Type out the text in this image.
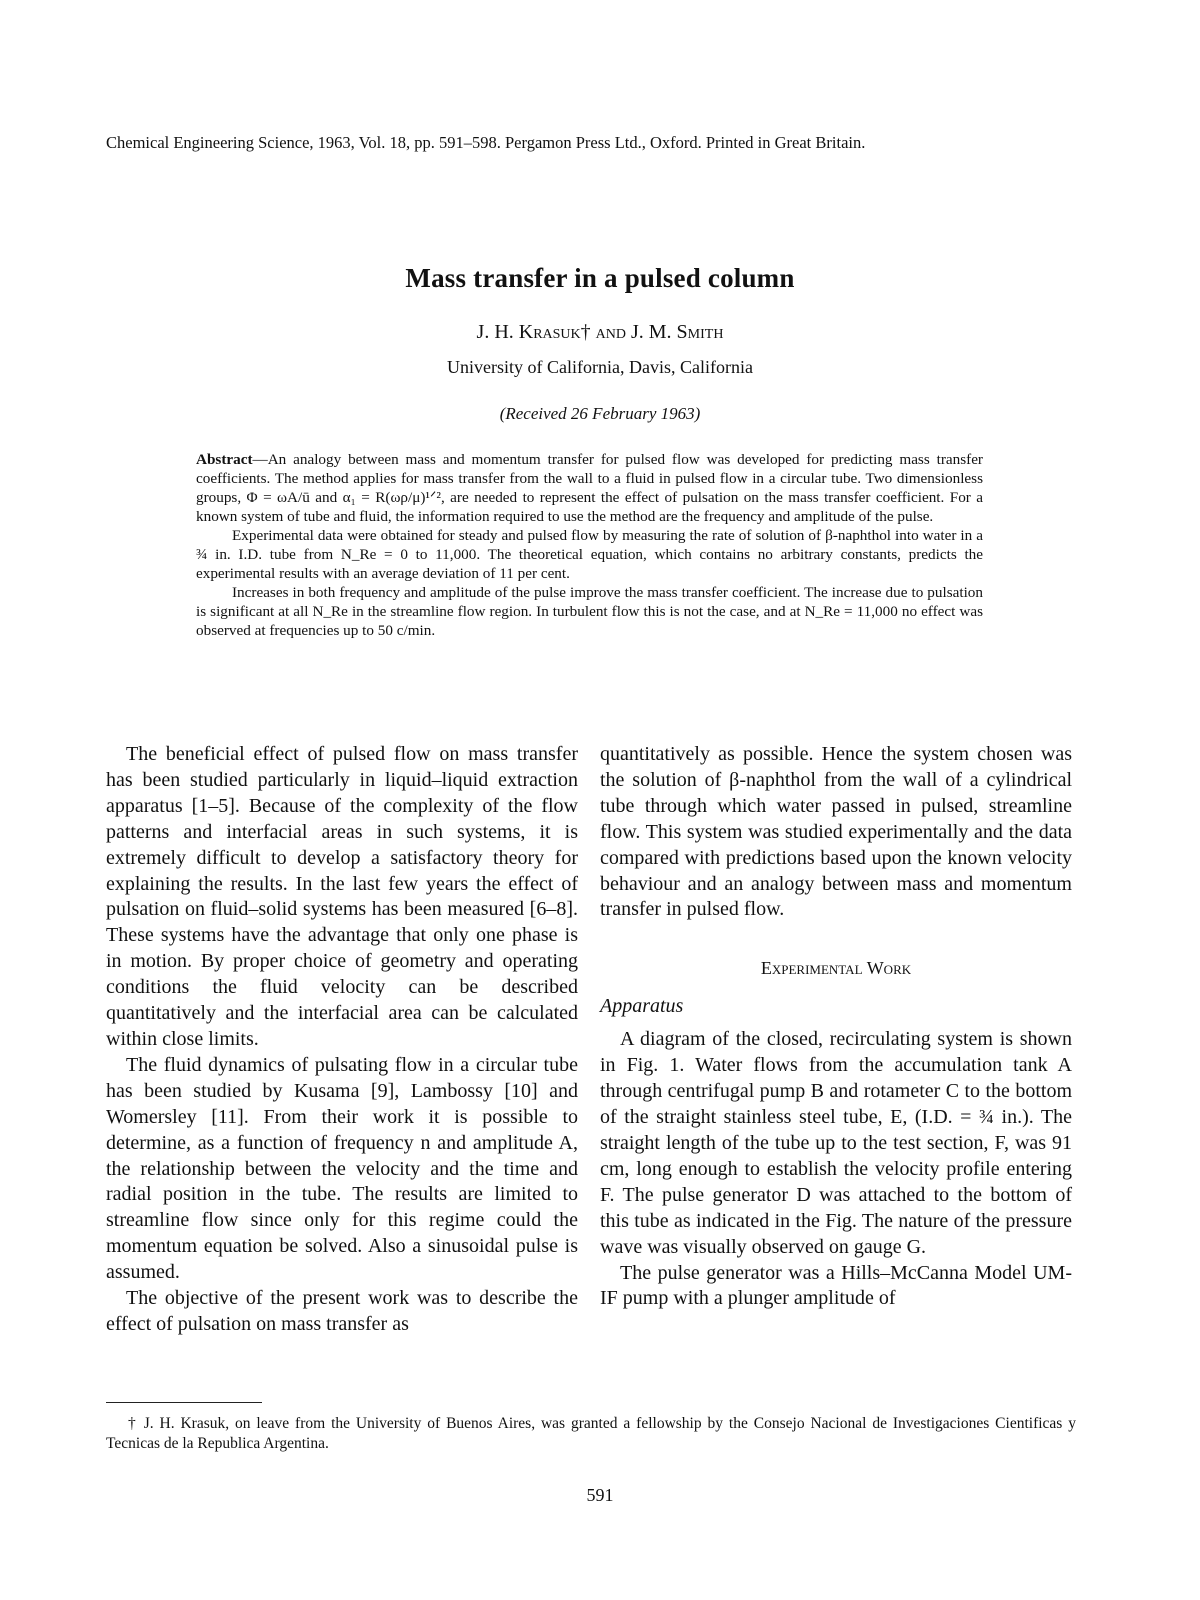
Chemical Engineering Science, 1963, Vol. 18, pp. 591–598. Pergamon Press Ltd., Oxford. Printed in Great Britain.
Mass transfer in a pulsed column
J. H. Krasuk† and J. M. Smith
University of California, Davis, California
(Received 26 February 1963)

Abstract—An analogy between mass and momentum transfer for pulsed flow was developed for predicting mass transfer coefficients. The method applies for mass transfer from the wall to a fluid in pulsed flow in a circular tube. Two dimensionless groups, Φ = ωA/ū and α₁ = R(ωρ/μ)¹ᐟ², are needed to represent the effect of pulsation on the mass transfer coefficient. For a known system of tube and fluid, the information required to use the method are the frequency and amplitude of the pulse.

Experimental data were obtained for steady and pulsed flow by measuring the rate of solution of β-naphthol into water in a ¾ in. I.D. tube from N_Re = 0 to 11,000. The theoretical equation, which contains no arbitrary constants, predicts the experimental results with an average deviation of 11 per cent.

Increases in both frequency and amplitude of the pulse improve the mass transfer coefficient. The increase due to pulsation is significant at all N_Re in the streamline flow region. In turbulent flow this is not the case, and at N_Re = 11,000 no effect was observed at frequencies up to 50 c/min.

The beneficial effect of pulsed flow on mass transfer has been studied particularly in liquid–liquid extraction apparatus [1–5]. Because of the complexity of the flow patterns and interfacial areas in such systems, it is extremely difficult to develop a satisfactory theory for explaining the results. In the last few years the effect of pulsation on fluid–solid systems has been measured [6–8]. These systems have the advantage that only one phase is in motion. By proper choice of geometry and operating conditions the fluid velocity can be described quantitatively and the interfacial area can be calculated within close limits.

The fluid dynamics of pulsating flow in a circular tube has been studied by Kusama [9], Lambossy [10] and Womersley [11]. From their work it is possible to determine, as a function of frequency n and amplitude A, the relationship between the velocity and the time and radial position in the tube. The results are limited to streamline flow since only for this regime could the momentum equation be solved. Also a sinusoidal pulse is assumed.

The objective of the present work was to describe the effect of pulsation on mass transfer as

quantitatively as possible. Hence the system chosen was the solution of β-naphthol from the wall of a cylindrical tube through which water passed in pulsed, streamline flow. This system was studied experimentally and the data compared with predictions based upon the known velocity behaviour and an analogy between mass and momentum transfer in pulsed flow.

Experimental Work
Apparatus

A diagram of the closed, recirculating system is shown in Fig. 1. Water flows from the accumulation tank A through centrifugal pump B and rotameter C to the bottom of the straight stainless steel tube, E, (I.D. = ¾ in.). The straight length of the tube up to the test section, F, was 91 cm, long enough to establish the velocity profile entering F. The pulse generator D was attached to the bottom of this tube as indicated in the Fig. The nature of the pressure wave was visually observed on gauge G.

The pulse generator was a Hills–McCanna Model UM-IF pump with a plunger amplitude of

† J. H. Krasuk, on leave from the University of Buenos Aires, was granted a fellowship by the Consejo Nacional de Investigaciones Cientificas y Tecnicas de la Republica Argentina.

591
